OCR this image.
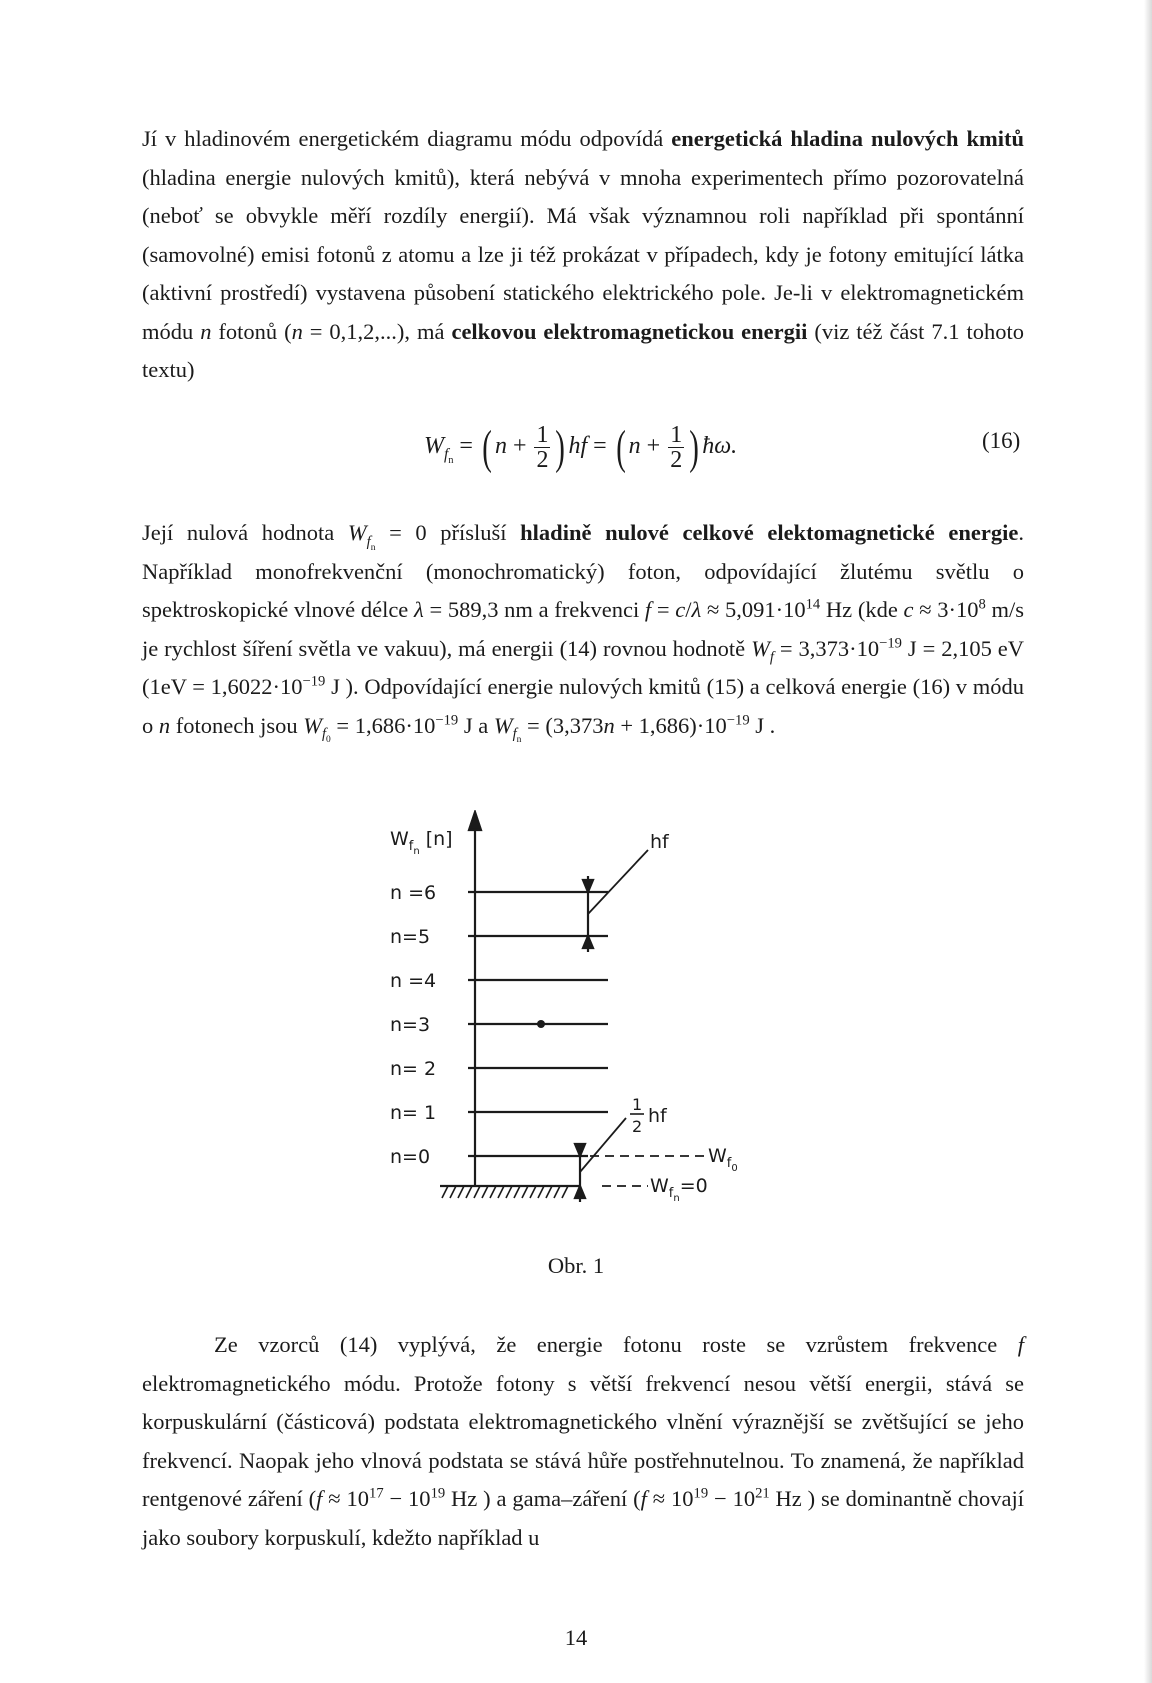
Jí v hladinovém energetickém diagramu módu odpovídá energetická hladina nulových kmitů (hladina energie nulových kmitů), která nebývá v mnoha experimentech přímo pozorovatelná (neboť se obvykle měří rozdíly energií). Má však významnou roli například při spontánní (samovolné) emisi fotonů z atomu a lze ji též prokázat v případech, kdy je fotony emitující látka (aktivní prostředí) vystavena působení statického elektrického pole. Je-li v elektromagnetickém módu n fotonů (n = 0,1,2,...), má celkovou elektromagnetickou energii (viz též část 7.1 tohoto textu)

$W_{f_n}$ = ( $n + \frac{1}{2}$ ) hf = ( $n + \frac{1}{2}$ ) ħω.	(16)

Její nulová hodnota $W_{f_n} = 0$ přísluší hladině nulové celkové elektomagnetické energie. Například monofrekvenční (monochromatický) foton, odpovídající žlutému světlu o spektroskopické vlnové délce λ = 589,3 nm a frekvenci $f = c/\lambda \approx 5,091\cdot 10^{14}$ Hz (kde $c \approx 3\cdot 10^8$ m/s je rychlost šíření světla ve vakuu), má energii (14) rovnou hodnotě $W_f = 3,373\cdot 10^{-19}$ J = 2,105 eV ($1eV = 1,6022\cdot 10^{-19}$ J ). Odpovídající energie nulových kmitů (15) a celková energie (16) v módu o n fotonech jsou $W_{f_0} = 1,686\cdot 10^{-19}$ J a $W_{f_n} = (3,373n + 1,686)\cdot 10^{-19}$ J .

$W_{fn}[n]$
n =6
n=5
n =4
n=3
n= 2
n= 1
n=0
hf
1
2 hf
$W_{f0}$
$W_{fn}=0$
Obr. 1

Ze vzorců (14) vyplývá, že energie fotonu roste se vzrůstem frekvence f elektromagnetického módu. Protože fotony s větší frekvencí nesou větší energii, stává se korpuskulární (částicová) podstata elektromagnetického vlnění výraznější se zvětšující se jeho frekvencí. Naopak jeho vlnová podstata se stává hůře postřehnutelnou. To znamená, že například rentgenové záření ($f \approx 10^{17} - 10^{19}$ Hz ) a gama–záření ($f \approx 10^{19} - 10^{21}$ Hz ) se dominantně chovají jako soubory korpuskulí, kdežto například u

14
